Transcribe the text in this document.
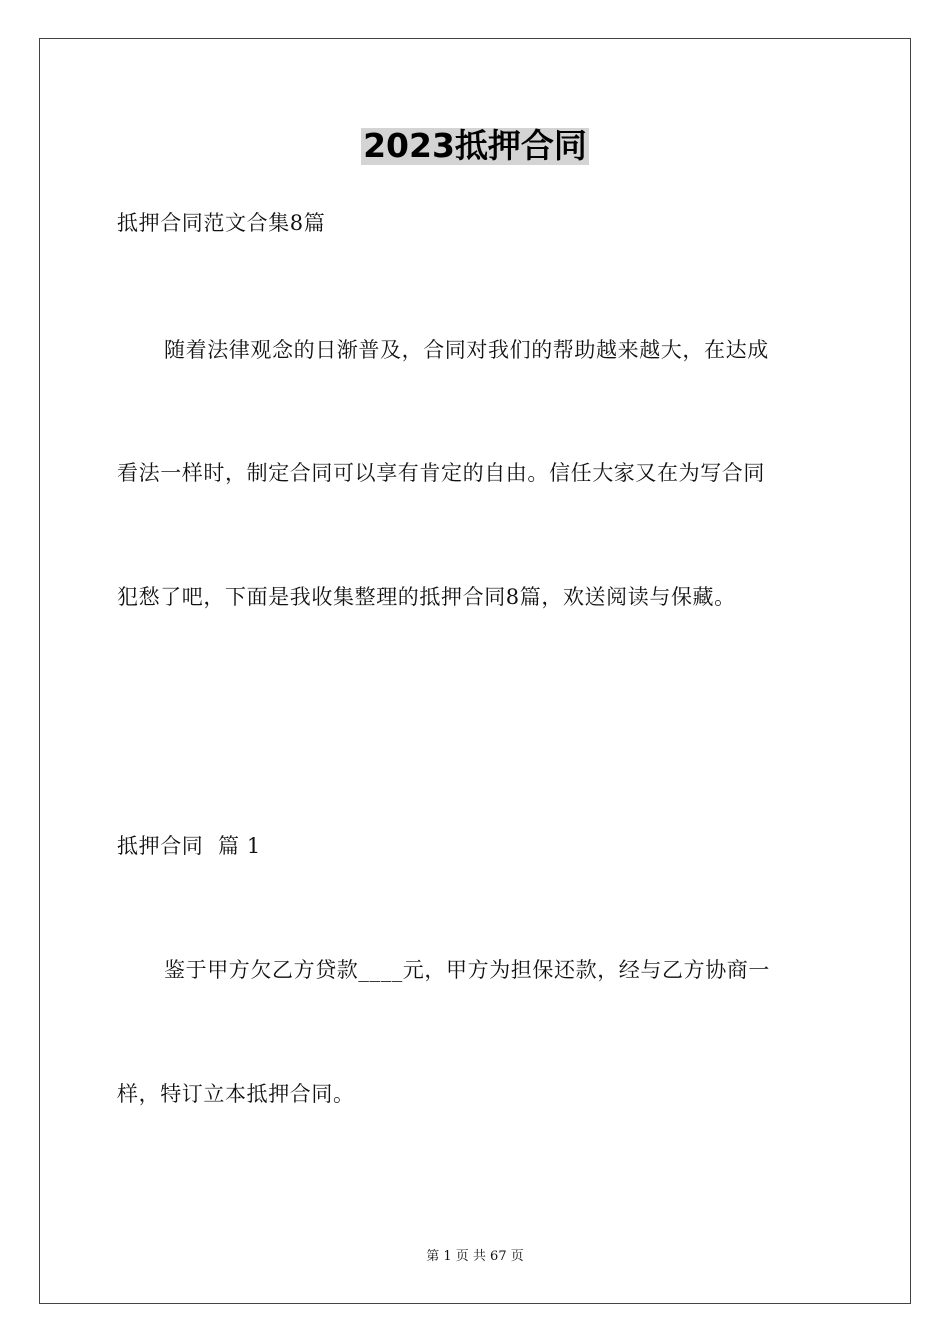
2023抵押合同
抵押合同范文合集8篇
随着法律观念的日渐普及，合同对我们的帮助越来越大，在达成
看法一样时，制定合同可以享有肯定的自由。信任大家又在为写合同
犯愁了吧，下面是我收集整理的抵押合同8篇，欢送阅读与保藏。
抵押合同  篇 1
鉴于甲方欠乙方贷款____元，甲方为担保还款，经与乙方协商一
样，特订立本抵押合同。
第 1 页 共 67 页
